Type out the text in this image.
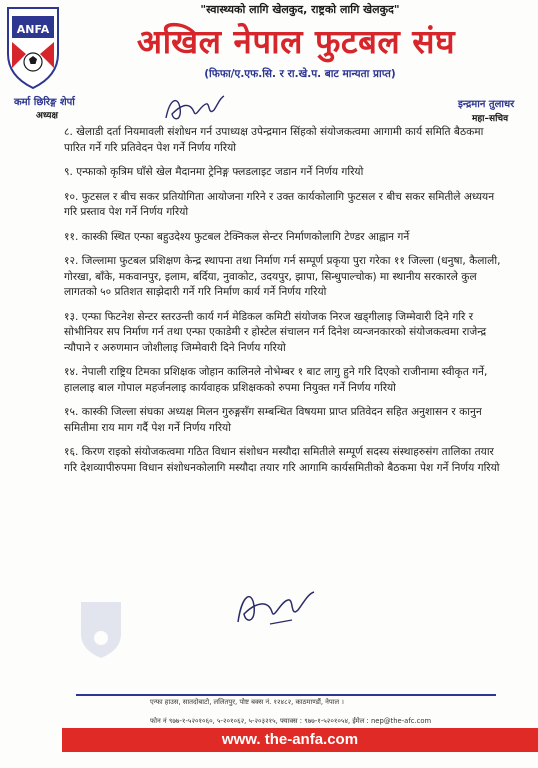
ANFA
"स्वास्थ्यको लागि खेलकुद, राष्ट्रको लागि खेलकुद"
अखिल नेपाल फुटबल संघ
(फिफा/ए.एफ.सि. र रा.खे.प. बाट मान्यता प्राप्त)
कर्मा छिरिङ्ग शेर्पा
अध्यक्ष
इन्द्रमान तुलाधर
महा–सचिव

८. खेलाडी दर्ता नियमावली संशोधन गर्न उपाध्यक्ष उपेन्द्रमान सिंहको संयोजकत्वमा आगामी कार्य समिति बैठकमा पारित गर्ने गरि प्रतिवेदन पेश गर्ने निर्णय गरियो

९. एन्फाको कृत्रिम घाँसे खेल मैदानमा ट्रेनिङ्ग फ्लडलाइट जडान गर्ने निर्णय गरियो

१०. फुटसल र बीच सकर प्रतियोगिता आयोजना गरिने र उक्त कार्यकोलागि फुटसल र बीच सकर समितीले अध्ययन गरि प्रस्ताव पेश गर्ने निर्णय गरियो

११. कास्की स्थित एन्फा बहुउदेश्य फुटबल टेक्निकल सेन्टर निर्माणकोलागि टेण्डर आह्वान गर्ने

१२. जिल्लामा फुटबल प्रशिक्षण केन्द्र स्थापना तथा निर्माण गर्न सम्पूर्ण प्रकृया पुरा गरेका ११ जिल्ला (धनुषा, कैलाली, गोरखा, बाँके, मकवानपुर, इलाम, बर्दिया, नुवाकोट, उदयपुर, झापा, सिन्धुपाल्चोक) मा स्थानीय सरकारले कुल लागतको ५० प्रतिशत साझेदारी गर्ने गरि निर्माण कार्य गर्ने निर्णय गरियो

१३. एन्फा फिटनेश सेन्टर स्तरउन्ती कार्य गर्न मेडिकल कमिटी संयोजक निरज खड्गीलाइ जिम्मेवारी दिने गरि र सोभीनियर सप निर्माण गर्न तथा एन्फा एकाडेमी र होस्टेल संचालन गर्न दिनेश व्यन्जनकारको संयोजकत्वमा राजेन्द्र न्यौपाने र अरुणमान जोशीलाइ जिम्मेवारी दिने निर्णय गरियो

१४. नेपाली राष्ट्रिय टिमका प्रशिक्षक जोहान कालिनले नोभेम्बर १ बाट लागु हुने गरि दिएको राजीनामा स्वीकृत गर्ने, हाललाइ बाल गोपाल महर्जनलाइ कार्यवाहक प्रशिक्षकको रुपमा नियुक्त गर्ने निर्णय गरियो

१५. कास्की जिल्ला संघका अध्यक्ष मिलन गुरुङ्गसँग सम्बन्धित विषयमा प्राप्त प्रतिवेदन सहित अनुशासन र कानुन समितीमा राय माग गर्दै पेश गर्ने निर्णय गरियो

१६. किरण राइको संयोजकत्वमा गठित विधान संशोधन मस्यौदा समितीले सम्पूर्ण सदस्य संस्थाहरुसंग तालिका तयार गरि देशव्यापीरुपमा विधान संशोधनकोलागि मस्यौदा तयार गरि आगामि कार्यसमितीको बैठकमा पेश गर्ने निर्णय गरियो

एन्फा हाउस, सातदोबाटो, ललितपुर, पोष्ट बक्स नं. १२४८२, काठमाण्डौं, नेपाल ।
फोन नं ९७७-१-५२०१०६०, ५-२०१०६२, ५-२०३२१५, फ्याक्स : ९७७-१-५२०१०५४, ईमेल : nep@the-afc.com
www. the-anfa.com
